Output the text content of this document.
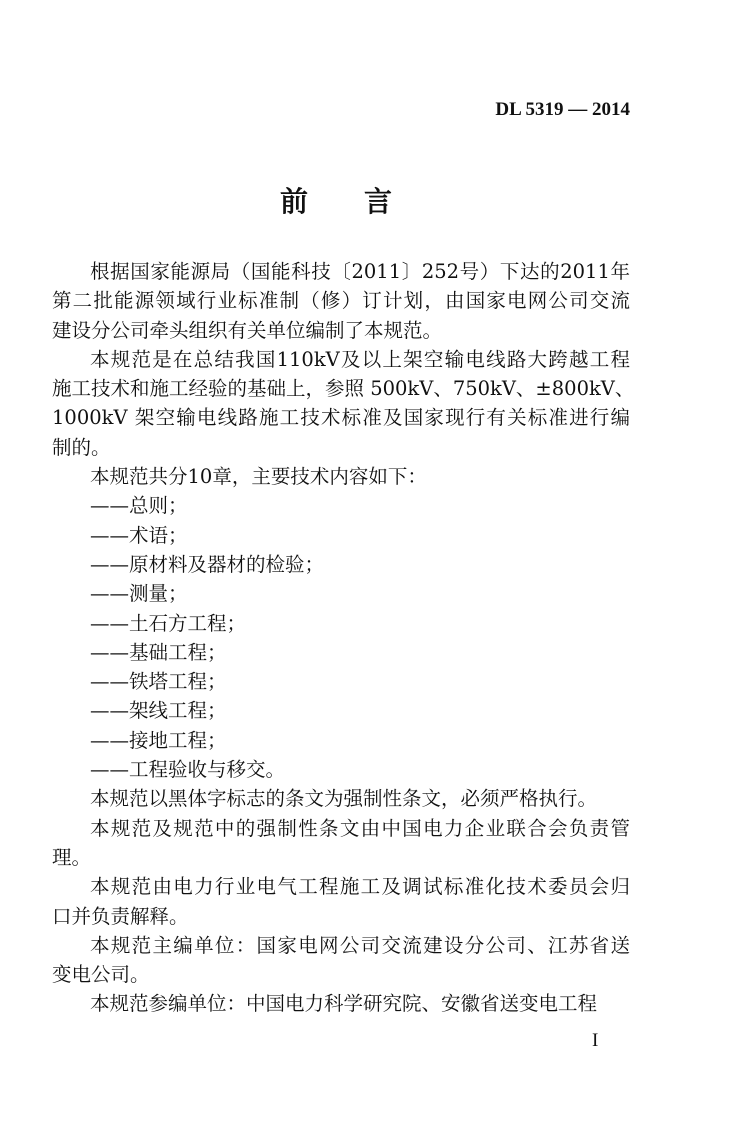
DL 5319 — 2014
前 言
根据国家能源局（国能科技〔2011〕252号）下达的2011年
第二批能源领域行业标准制（修）订计划，由国家电网公司交流
建设分公司牵头组织有关单位编制了本规范。
本规范是在总结我国110kV及以上架空输电线路大跨越工程
施工技术和施工经验的基础上，参照 500kV、750kV、±800kV、
1000kV 架空输电线路施工技术标准及国家现行有关标准进行编
制的。
本规范共分10章，主要技术内容如下：
——总则；
——术语；
——原材料及器材的检验；
——测量；
——土石方工程；
——基础工程；
——铁塔工程；
——架线工程；
——接地工程；
——工程验收与移交。
本规范以黑体字标志的条文为强制性条文，必须严格执行。
本规范及规范中的强制性条文由中国电力企业联合会负责管
理。
本规范由电力行业电气工程施工及调试标准化技术委员会归
口并负责解释。
本规范主编单位：国家电网公司交流建设分公司、江苏省送
变电公司。
本规范参编单位：中国电力科学研究院、安徽省送变电工程
I
